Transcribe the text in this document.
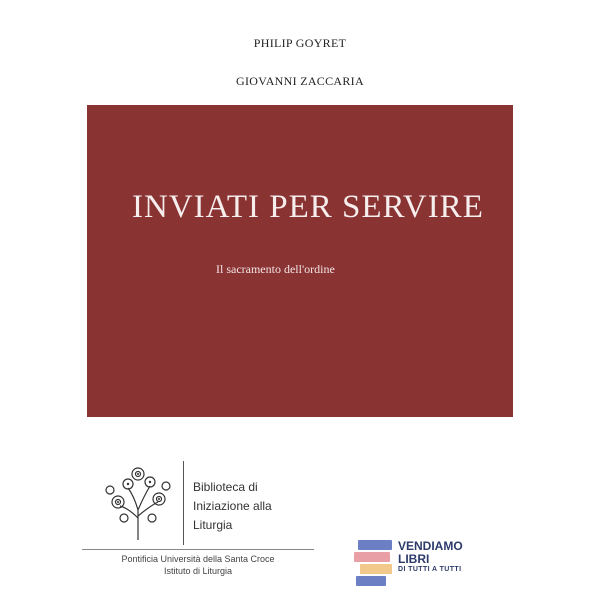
PHILIP GOYRET
GIOVANNI ZACCARIA
INVIATI PER SERVIRE
Il sacramento dell'ordine
Biblioteca di
Iniziazione alla
Liturgia
Pontificia Università della Santa Croce
Istituto di Liturgia
VENDIAMO
LIBRI
DI TUTTI A TUTTI
